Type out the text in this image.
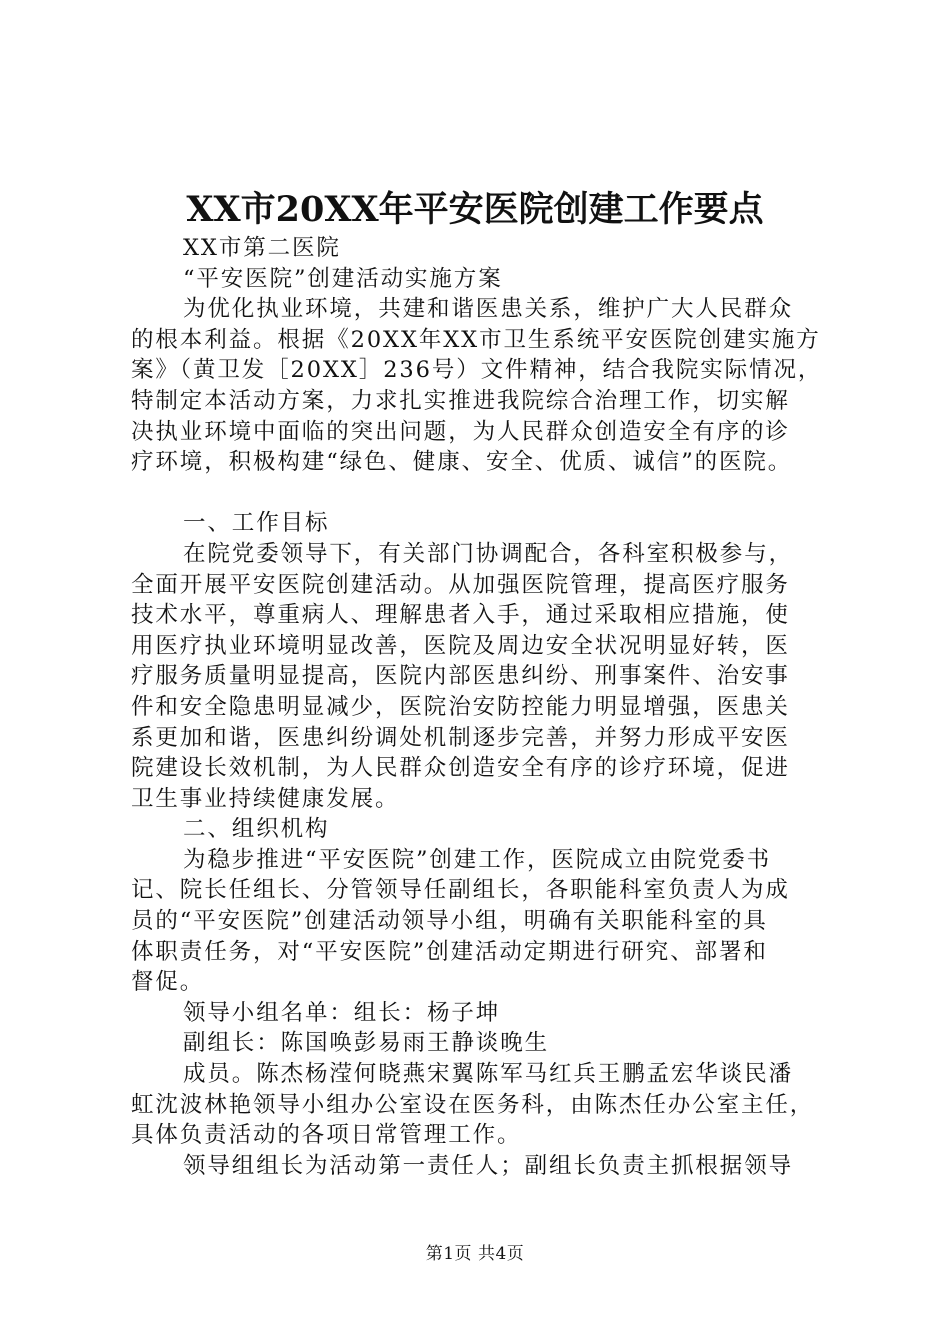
XX市20XX年平安医院创建工作要点

XX市第二医院

“平安医院”创建活动实施方案

为优化执业环境，共建和谐医患关系，维护广大人民群众
的根本利益。根据《20XX年XX市卫生系统平安医院创建实施方
案》（黄卫发［20XX］236号）文件精神，结合我院实际情况，
特制定本活动方案，力求扎实推进我院综合治理工作，切实解
决执业环境中面临的突出问题，为人民群众创造安全有序的诊
疗环境，积极构建“绿色、健康、安全、优质、诚信”的医院。

一、工作目标

在院党委领导下，有关部门协调配合，各科室积极参与，
全面开展平安医院创建活动。从加强医院管理，提高医疗服务
技术水平，尊重病人、理解患者入手，通过采取相应措施，使
用医疗执业环境明显改善，医院及周边安全状况明显好转，医
疗服务质量明显提高，医院内部医患纠纷、刑事案件、治安事
件和安全隐患明显减少，医院治安防控能力明显增强，医患关
系更加和谐，医患纠纷调处机制逐步完善，并努力形成平安医
院建设长效机制，为人民群众创造安全有序的诊疗环境，促进
卫生事业持续健康发展。

二、组织机构

为稳步推进“平安医院”创建工作，医院成立由院党委书
记、院长任组长、分管领导任副组长，各职能科室负责人为成
员的“平安医院”创建活动领导小组，明确有关职能科室的具
体职责任务，对“平安医院”创建活动定期进行研究、部署和
督促。

领导小组名单：组长：杨子坤

副组长：陈国唤彭易雨王静谈晚生

成员。陈杰杨滢何晓燕宋翼陈军马红兵王鹏孟宏华谈民潘
虹沈波林艳领导小组办公室设在医务科，由陈杰任办公室主任，
具体负责活动的各项日常管理工作。

领导组组长为活动第一责任人；副组长负责主抓根据领导

第1页 共4页
